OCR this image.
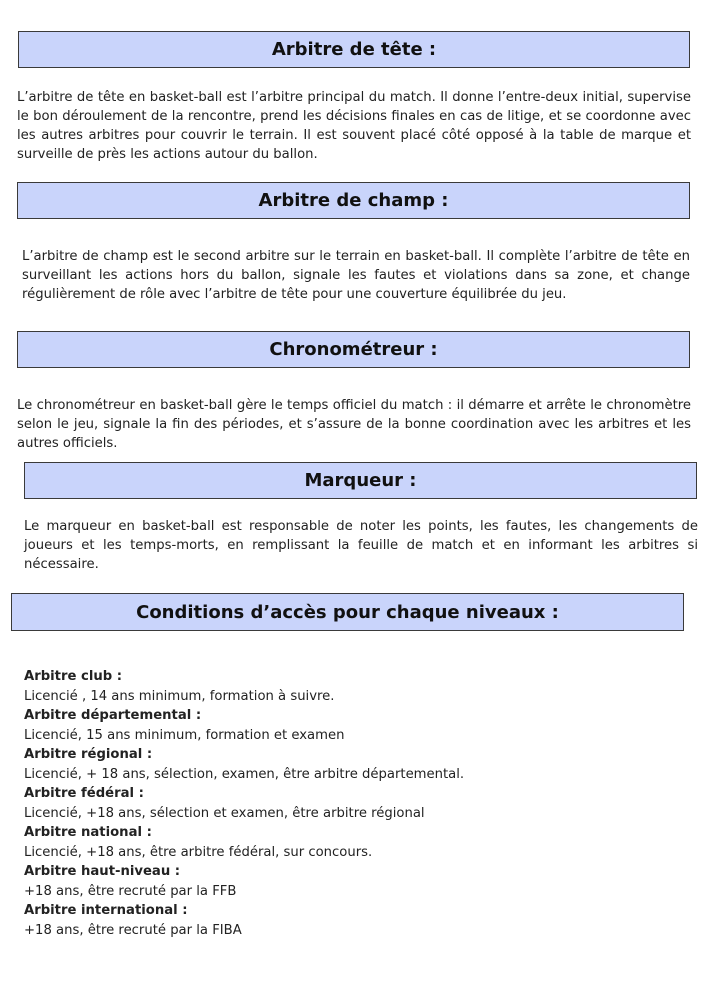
Arbitre de tête :
L’arbitre de tête en basket-ball est l’arbitre principal du match. Il donne l’entre-deux initial, supervise le bon déroulement de la rencontre, prend les décisions finales en cas de litige, et se coordonne avec les autres arbitres pour couvrir le terrain. Il est souvent placé côté opposé à la table de marque et surveille de près les actions autour du ballon.
Arbitre de champ :
L’arbitre de champ est le second arbitre sur le terrain en basket-ball. Il complète l’arbitre de tête en surveillant les actions hors du ballon, signale les fautes et violations dans sa zone, et change régulièrement de rôle avec l’arbitre de tête pour une couverture équilibrée du jeu.
Chronométreur :
Le chronométreur en basket-ball gère le temps officiel du match : il démarre et arrête le chronomètre selon le jeu, signale la fin des périodes, et s’assure de la bonne coordination avec les arbitres et les autres officiels.
Marqueur :
Le marqueur en basket-ball est responsable de noter les points, les fautes, les changements de joueurs et les temps-morts, en remplissant la feuille de match et en informant les arbitres si nécessaire.
Conditions d’accès pour chaque niveaux :
Arbitre club :
Licencié , 14 ans minimum, formation à suivre.
Arbitre départemental :
Licencié, 15 ans minimum, formation et examen
Arbitre régional :
Licencié, + 18 ans, sélection, examen, être arbitre départemental.
Arbitre fédéral :
Licencié, +18 ans, sélection et examen, être arbitre régional
Arbitre national :
Licencié, +18 ans, être arbitre fédéral, sur concours.
Arbitre haut-niveau :
+18 ans, être recruté par la FFB
Arbitre international :
+18 ans, être recruté par la FIBA
